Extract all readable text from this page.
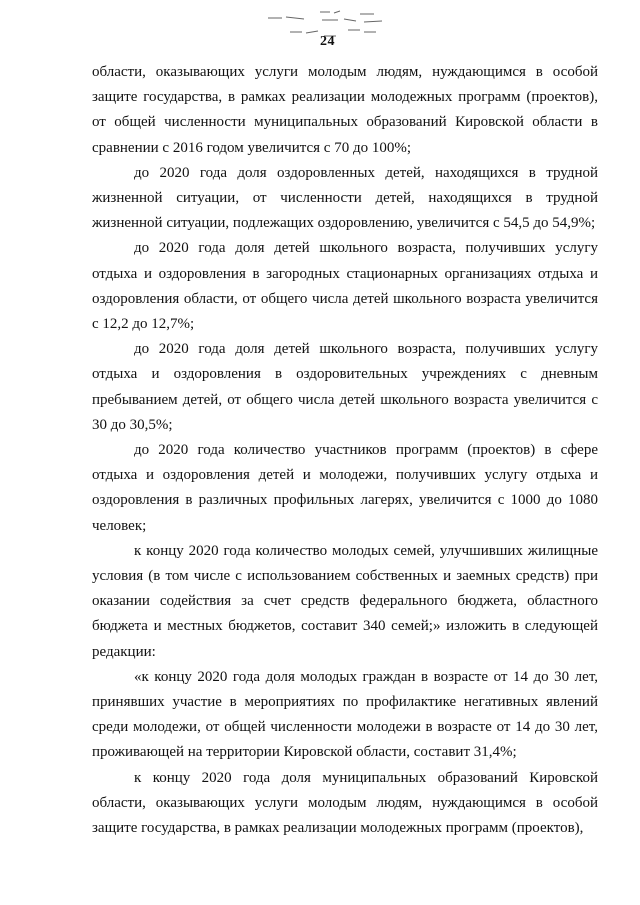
24

области, оказывающих услуги молодым людям, нуждающимся в особой защите государства, в рамках реализации молодежных программ (проектов), от общей численности муниципальных образований Кировской области в сравнении с 2016 годом увеличится с 70 до 100%;

до 2020 года доля оздоровленных детей, находящихся в трудной жизненной ситуации, от численности детей, находящихся в трудной жизненной ситуации, подлежащих оздоровлению, увеличится с 54,5 до 54,9%;

до 2020 года доля детей школьного возраста, получивших услугу отдыха и оздоровления в загородных стационарных организациях отдыха и оздоровления области, от общего числа детей школьного возраста увеличится с 12,2 до 12,7%;

до 2020 года доля детей школьного возраста, получивших услугу отдыха и оздоровления в оздоровительных учреждениях с дневным пребыванием детей, от общего числа детей школьного возраста увеличится с 30 до 30,5%;

до 2020 года количество участников программ (проектов) в сфере отдыха и оздоровления детей и молодежи, получивших услугу отдыха и оздоровления в различных профильных лагерях, увеличится с 1000 до 1080 человек;

к концу 2020 года количество молодых семей, улучшивших жилищные условия (в том числе с использованием собственных и заемных средств) при оказании содействия за счет средств федерального бюджета, областного бюджета и местных бюджетов, составит 340 семей;» изложить в следующей редакции:

«к концу 2020 года доля молодых граждан в возрасте от 14 до 30 лет, принявших участие в мероприятиях по профилактике негативных явлений среди молодежи, от общей численности молодежи в возрасте от 14 до 30 лет, проживающей на территории Кировской области, составит 31,4%;

к концу 2020 года доля муниципальных образований Кировской области, оказывающих услуги молодым людям, нуждающимся в особой защите государства, в рамках реализации молодежных программ (проектов),
